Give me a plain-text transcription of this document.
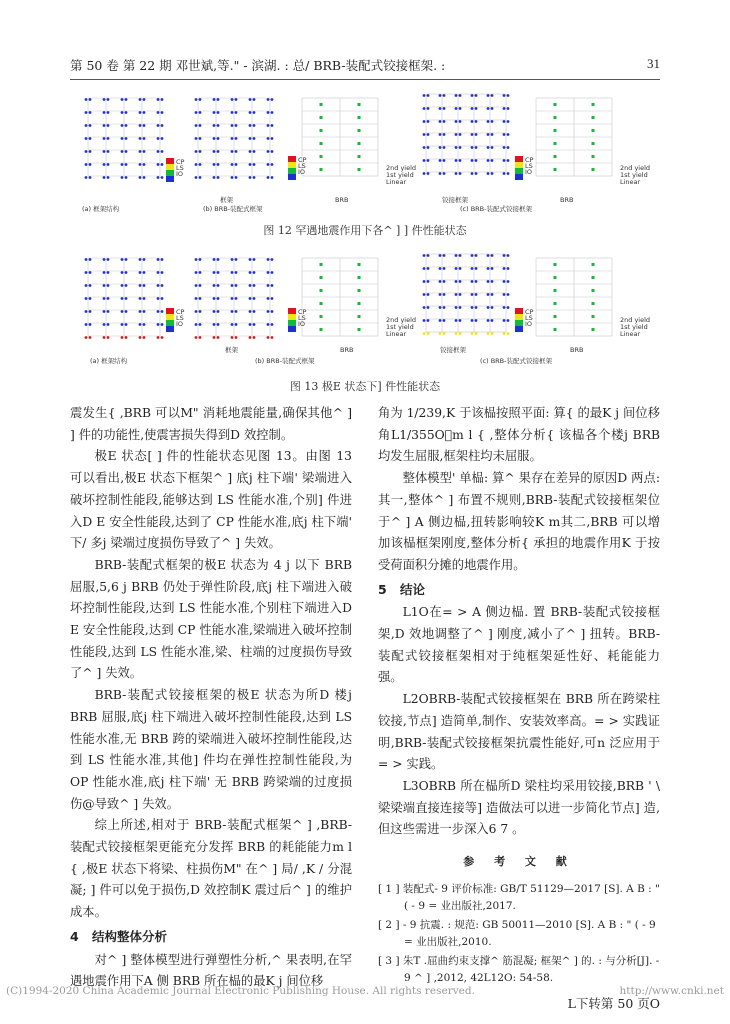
第 50 卷 第 22 期 邓世斌,等." - 滨湖. : 总/ BRB-装配式铰接框架. :	31
(a) 框架结构
框架
(b) BRB-装配式框架
BRB	铰接框架
(c) BRB-装配式铰接框架
BRB
CP
LS
IO
CP
LS
IO	2nd yield
1st yield
Linear
CP
LS
IO	2nd yield
1st yield
Linear
图 12 罕遇地震作用下各^ ] ] 件性能状态
(a) 框架结构
框架
(b) BRB-装配式框架
BRB	铰接框架
(c) BRB-装配式铰接框架
BRB
CP
LS
IO
CP
LS
IO	2nd yield
1st yield
Linear
CP
LS
IO	2nd yield
1st yield
Linear
图 13 极E 状态下] 件性能状态

震发生{ ,BRB 可以M" 消耗地震能量,确保其他^ ] ] 件的功能性,使震害损失得到D 效控制。

极E 状态[ ] 件的性能状态见图 13。由图 13 可以看出,极E 状态下框架^ ] 底j 柱下端' 梁端进入破坏控制性能段,能够达到 LS 性能水准,个别] 件进入D E 安全性能段,达到了 CP 性能水准,底j 柱下端' 下/ 多j 梁端过度损伤导致了^ ] 失效。

BRB-装配式框架的极E 状态为 4 j 以下 BRB 屈服,5,6 j BRB 仍处于弹性阶段,底j 柱下端进入破坏控制性能段,达到 LS 性能水准,个别柱下端进入D E 安全性能段,达到 CP 性能水准,梁端进入破坏控制性能段,达到 LS 性能水准,梁、柱端的过度损伤导致了^ ] 失效。

BRB-装配式铰接框架的极E 状态为所D 楼j BRB 屈服,底j 柱下端进入破坏控制性能段,达到 LS 性能水准,无 BRB 跨的梁端进入破坏控制性能段,达到 LS 性能水准,其他] 件均在弹性控制性能段,为 OP 性能水准,底j 柱下端' 无 BRB 跨梁端的过度损伤@导致^ ] 失效。

综上所述,相对于 BRB-装配式框架^ ] ,BRB-装配式铰接框架更能充分发挥 BRB 的耗能能力m l { ,极E 状态下将梁、柱损伤M" 在^ ] 局/ ,K / 分混凝; ] 件可以免于损伤,D 效控制K 震过后^ ] 的维护成本。

4 结构整体分析

对^ ] 整体模型进行弹塑性分析,^ 果表明,在罕遇地震作用下A 侧 BRB 所在榀的最K j 间位移

角为 1/239,K 于该榀按照平面: 算{ 的最K j 间位移角L1/355O m l { ,整体分析{ 该榀各个楼j BRB 均发生屈服,框架柱均未屈服。

整体模型' 单榀: 算^ 果存在差异的原因D 两点:其一,整体^ ] 布置不规则,BRB-装配式铰接框架位于^ ] A 侧边榀,扭转影响较K m其二,BRB 可以增加该榀框架刚度,整体分析{ 承担的地震作用K 于按受荷面积分摊的地震作用。

5 结论

L1O在= > A 侧边榀. 置 BRB-装配式铰接框架,D 效地调整了^ ] 刚度,减小了^ ] 扭转。BRB-装配式铰接框架相对于纯框架延性好、耗能能力强。

L2OBRB-装配式铰接框架在 BRB 所在跨梁柱铰接,节点] 造简单,制作、安装效率高。= > 实践证明,BRB-装配式铰接框架抗震性能好,可n 泛应用于= > 实践。

L3OBRB 所在榀所D 梁柱均采用铰接,BRB ' \ 梁梁端直接连接等] 造做法可以进一步简化节点] 造,但这些需进一步深入6 7 。

参 考 文 献
[ 1 ] 装配式- 9 评价标准: GB/T 51129—2017 [S]. A B : " ( - 9 = 业出版社,2017.
[ 2 ] - 9 抗震. : 规范: GB 50011—2010 [S]. A B : " ( - 9 = 业出版社,2010.
[ 3 ] 朱T .屈曲约束支撑^ 筋混凝; 框架^ ] 的. : 与分析[J]. - 9 ^ ] ,2012, 42L12O: 54-58.
L下转第 50 页O
(C)1994-2020 China Academic Journal Electronic Publishing House. All rights reserved.	http://www.cnki.net
